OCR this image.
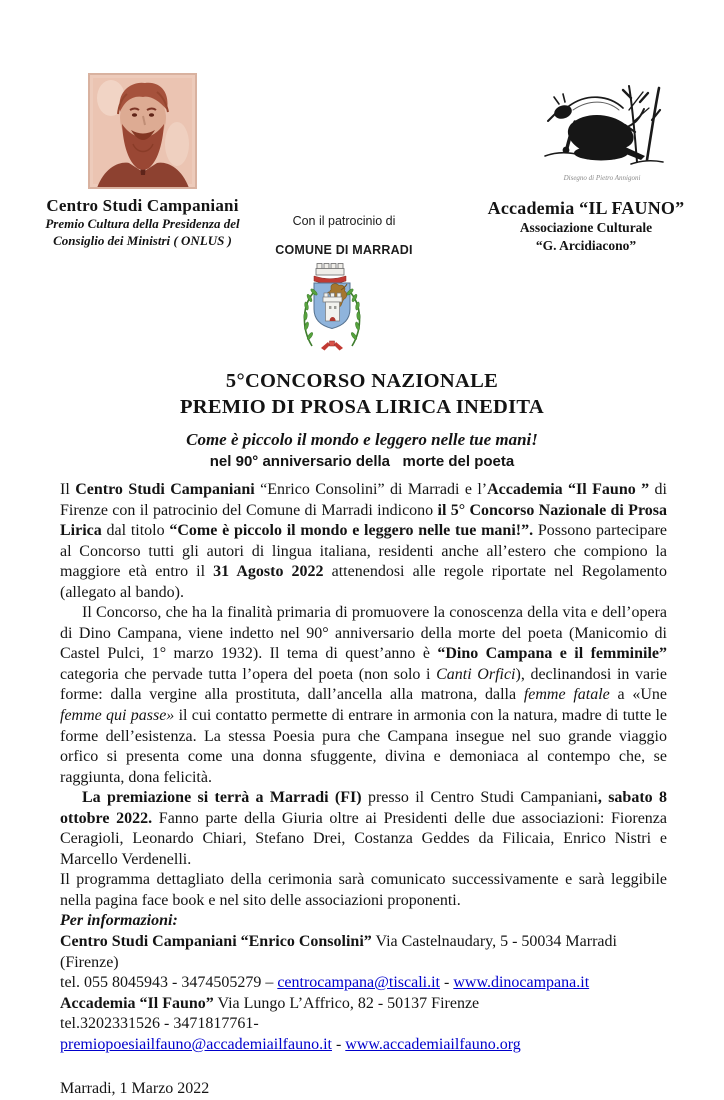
Centro Studi Campaniani
Premio Cultura della Presidenza del
Consiglio dei Ministri ( ONLUS )
Con il patrocinio di
COMUNE DI MARRADI
Disegno di Pietro Annigoni
Accademia “IL FAUNO”
Associazione Culturale
“G. Arcidiacono”
5°CONCORSO NAZIONALE
PREMIO DI PROSA LIRICA INEDITA
Come è piccolo il mondo e leggero nelle tue mani!
nel 90° anniversario della   morte del poeta

Il Centro Studi Campaniani “Enrico Consolini” di Marradi e l’Accademia “Il Fauno ” di Firenze con il patrocinio del Comune di Marradi indicono il 5° Concorso Nazionale di Prosa Lirica dal titolo “Come è piccolo il mondo e leggero nelle tue mani!”. Possono partecipare al Concorso tutti gli autori di lingua italiana, residenti anche all’estero che compiono la maggiore età entro il 31 Agosto 2022 attenendosi alle regole riportate nel Regolamento (allegato al bando).

Il Concorso, che ha la finalità primaria di promuovere la conoscenza della vita e dell’opera di Dino Campana, viene indetto nel 90° anniversario della morte del poeta (Manicomio di Castel Pulci, 1° marzo 1932). Il tema di quest’anno è “Dino Campana e il femminile” categoria che pervade tutta l’opera del poeta (non solo i Canti Orfici), declinandosi in varie forme: dalla vergine alla prostituta, dall’ancella alla matrona, dalla femme fatale a «Une femme qui passe» il cui contatto permette di entrare in armonia con la natura, madre di tutte le forme dell’esistenza. La stessa Poesia pura che Campana insegue nel suo grande viaggio orfico si presenta come una donna sfuggente, divina e demoniaca al contempo che, se raggiunta, dona felicità.

La premiazione si terrà a Marradi (FI) presso il Centro Studi Campaniani, sabato 8 ottobre 2022. Fanno parte della Giuria oltre ai Presidenti delle due associazioni: Fiorenza Ceragioli, Leonardo Chiari, Stefano Drei, Costanza Geddes da Filicaia, Enrico Nistri e Marcello Verdenelli.

Il programma dettagliato della cerimonia sarà comunicato successivamente e sarà leggibile nella pagina face book e nel sito delle associazioni proponenti.

Per informazioni:

Centro Studi Campaniani “Enrico Consolini” Via Castelnaudary, 5 - 50034 Marradi (Firenze)

tel. 055 8045943 - 3474505279 – centrocampana@tiscali.it - www.dinocampana.it

Accademia “Il Fauno” Via Lungo L’Affrico, 82 - 50137 Firenze

tel.3202331526 - 3471817761-

premiopoesiailfauno@accademiailfauno.it - www.accademiailfauno.org

Marradi, 1 Marzo 2022
